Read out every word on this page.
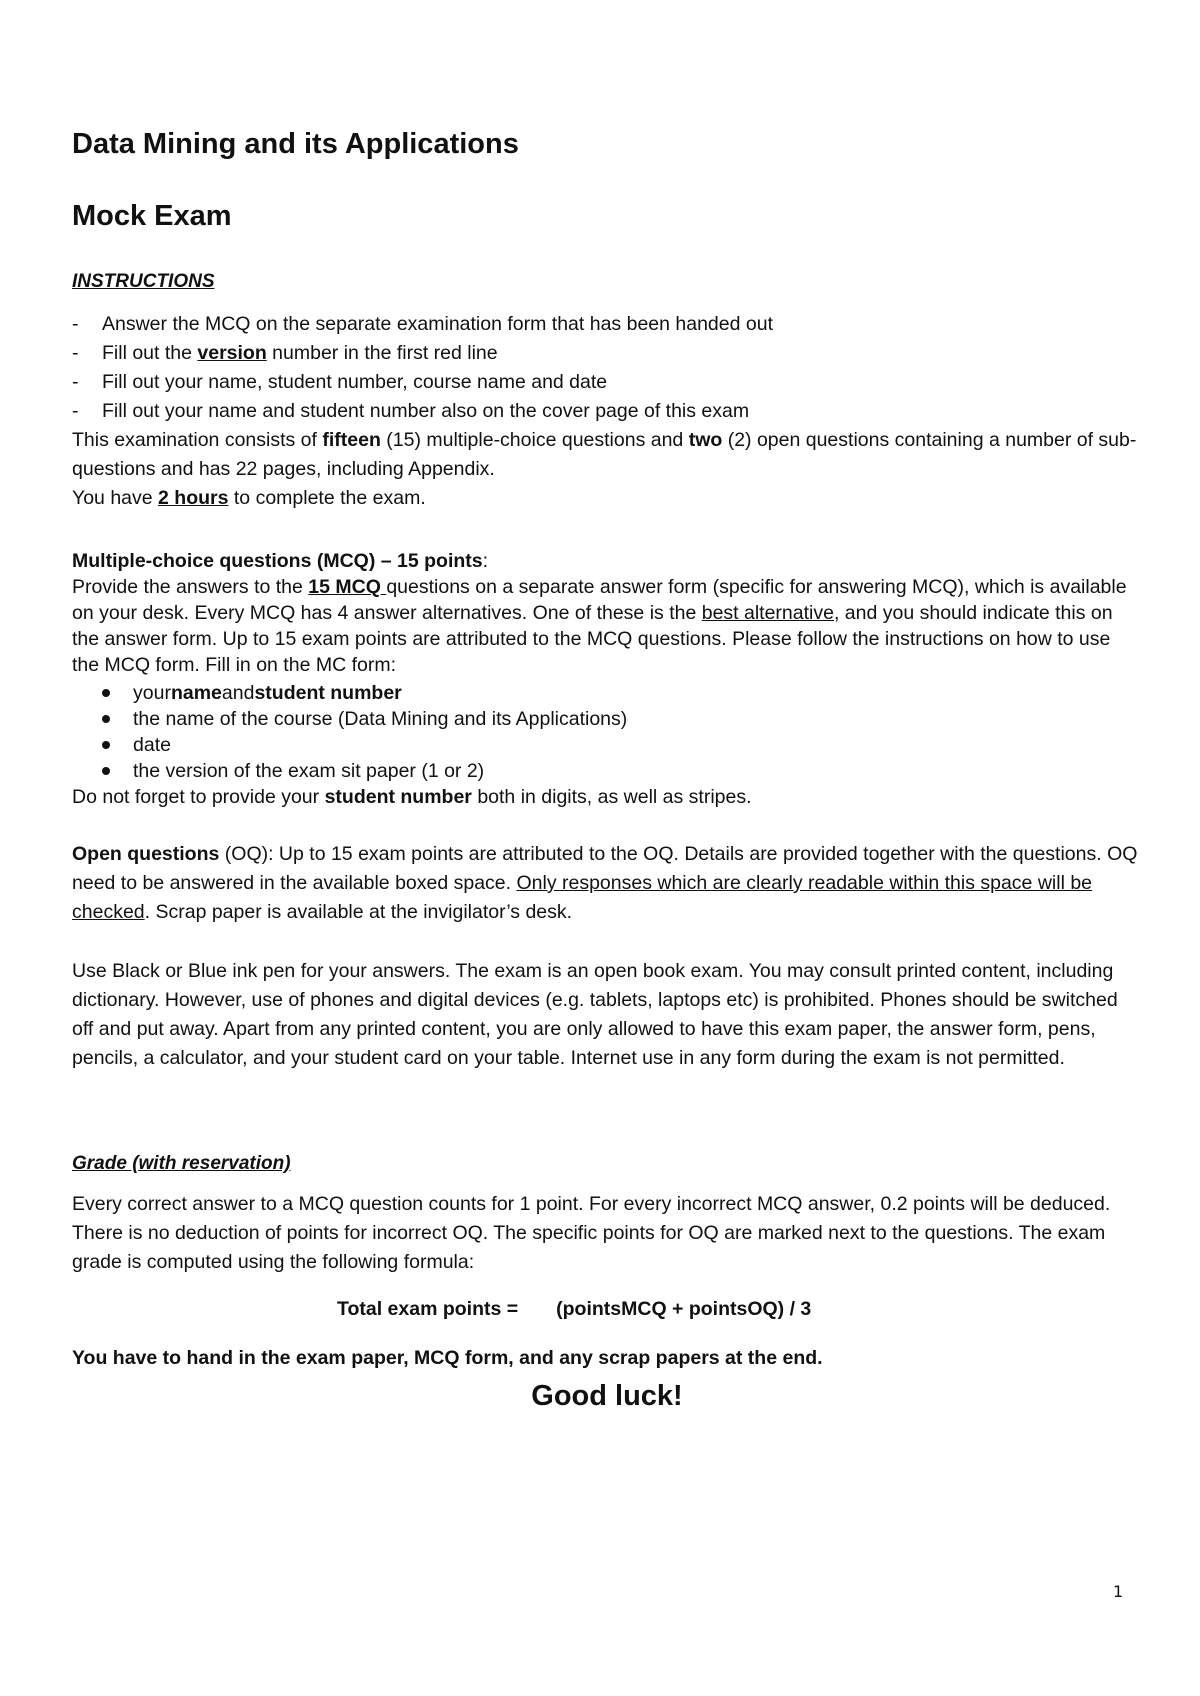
Data Mining and its Applications
Mock Exam
INSTRUCTIONS
-	Answer the MCQ on the separate examination form that has been handed out
-	Fill out the version number in the first red line
-	Fill out your name, student number, course name and date
-	Fill out your name and student number also on the cover page of this exam
This examination consists of fifteen (15) multiple-choice questions and two (2) open questions containing a number of sub-questions and has 22 pages, including Appendix.
You have 2 hours to complete the exam.
Multiple-choice questions (MCQ) – 15 points:
Provide the answers to the 15 MCQ questions on a separate answer form (specific for answering MCQ), which is available on your desk. Every MCQ has 4 answer alternatives. One of these is the best alternative, and you should indicate this on the answer form. Up to 15 exam points are attributed to the MCQ questions. Please follow the instructions on how to use the MCQ form. Fill in on the MC form:
your name and student number
the name of the course (Data Mining and its Applications)
date
the version of the exam sit paper (1 or 2)
Do not forget to provide your student number both in digits, as well as stripes.
Open questions (OQ): Up to 15 exam points are attributed to the OQ. Details are provided together with the questions. OQ need to be answered in the available boxed space. Only responses which are clearly readable within this space will be checked. Scrap paper is available at the invigilator’s desk.
Use Black or Blue ink pen for your answers. The exam is an open book exam. You may consult printed content, including dictionary. However, use of phones and digital devices (e.g. tablets, laptops etc) is prohibited. Phones should be switched off and put away. Apart from any printed content, you are only allowed to have this exam paper, the answer form, pens, pencils, a calculator, and your student card on your table. Internet use in any form during the exam is not permitted.
Grade (with reservation)
Every correct answer to a MCQ question counts for 1 point. For every incorrect MCQ answer, 0.2 points will be deduced. There is no deduction of points for incorrect OQ. The specific points for OQ are marked next to the questions. The exam grade is computed using the following formula:
Total exam points = (pointsMCQ + pointsOQ) / 3
You have to hand in the exam paper, MCQ form, and any scrap papers at the end.
Good luck!
1
